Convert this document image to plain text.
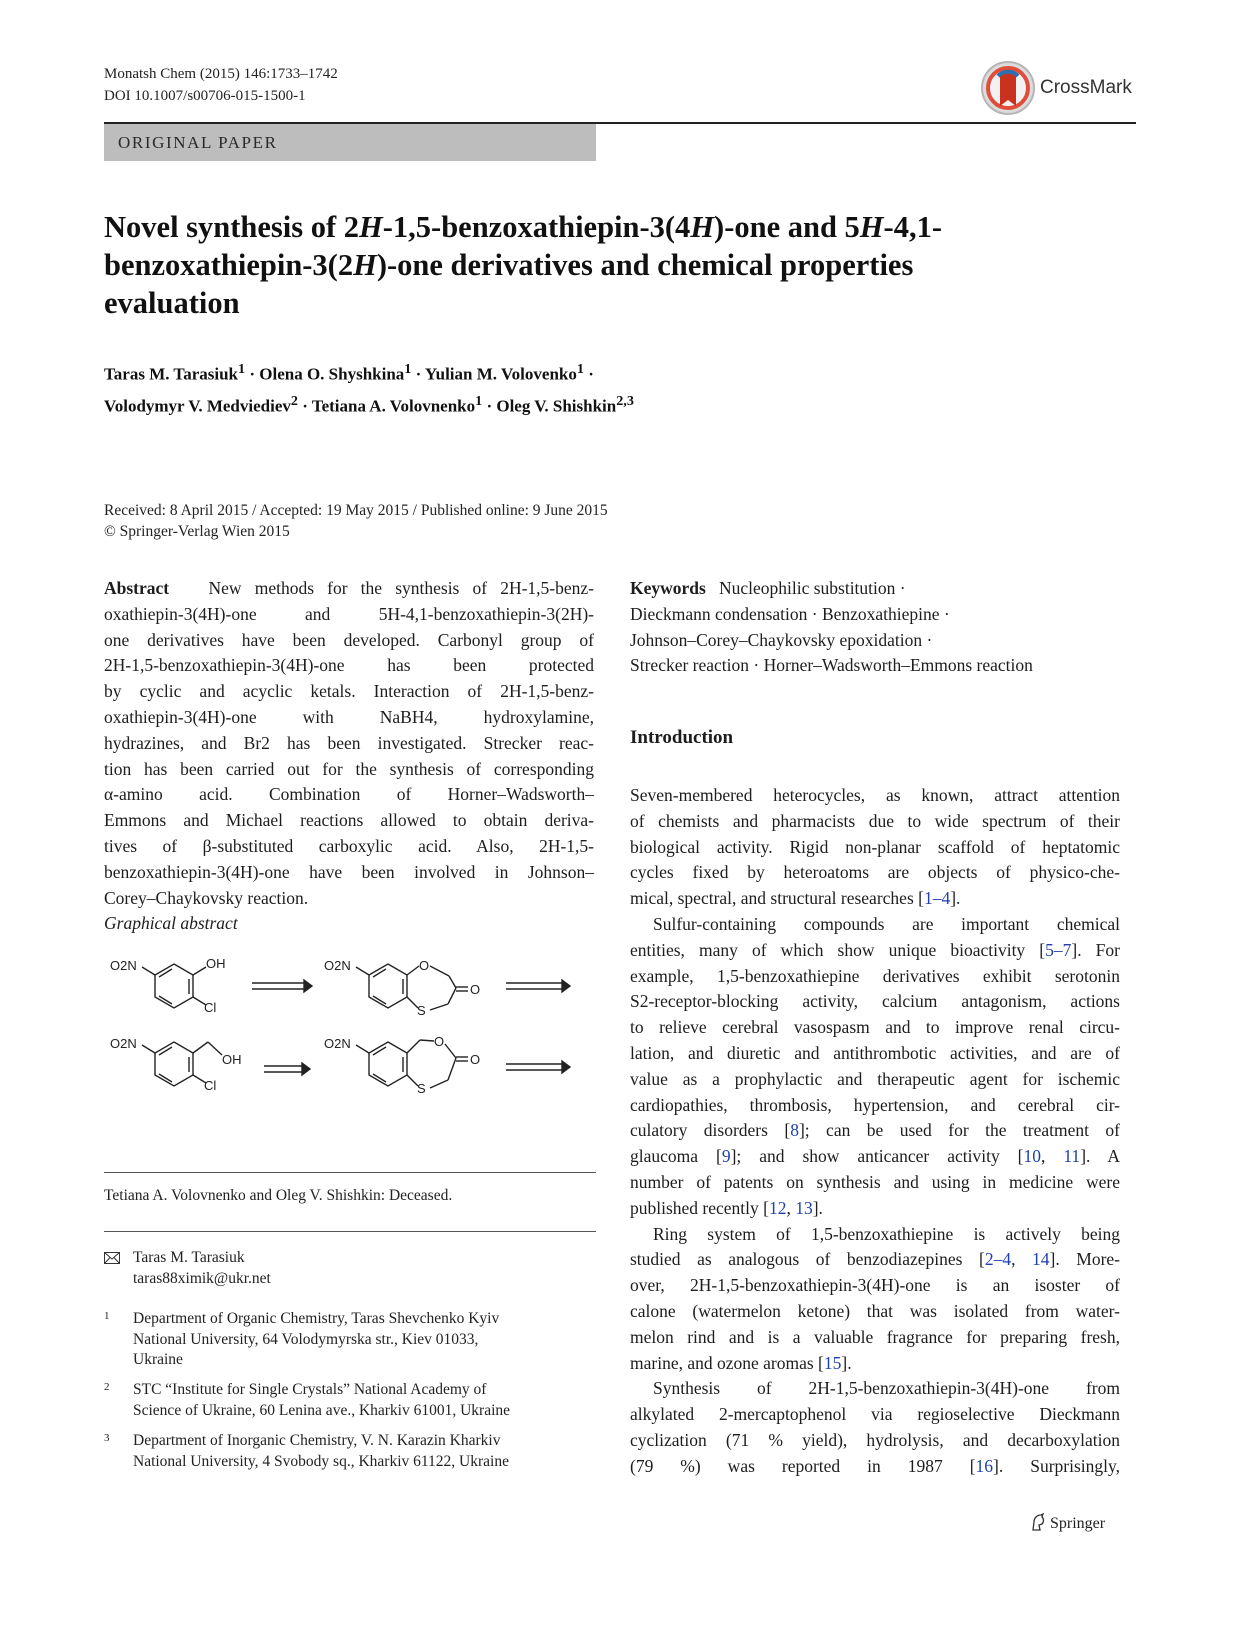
Monatsh Chem (2015) 146:1733–1742
DOI 10.1007/s00706-015-1500-1	CrossMark
ORIGINAL PAPER
Novel synthesis of 2H-1,5-benzoxathiepin-3(4H)-one and 5H-4,1-
benzoxathiepin-3(2H)-one derivatives and chemical properties
evaluation
Taras M. Tarasiuk$^1$ · Olena O. Shyshkina$^1$ · Yulian M. Volovenko$^1$ ·
Volodymyr V. Medviediev$^2$ · Tetiana A. Volovnenko$^1$ · Oleg V. Shishkin$^{2,3}$
Received: 8 April 2015 / Accepted: 19 May 2015 / Published online: 9 June 2015
© Springer-Verlag Wien 2015
Abstract New methods for the synthesis of 2H-1,5-benz-
oxathiepin-3(4H)-one and 5H-4,1-benzoxathiepin-3(2H)-
one derivatives have been developed. Carbonyl group of
2H-1,5-benzoxathiepin-3(4H)-one has been protected
by cyclic and acyclic ketals. Interaction of 2H-1,5-benz-
oxathiepin-3(4H)-one with NaBH4, hydroxylamine,
hydrazines, and Br2 has been investigated. Strecker reac-
tion has been carried out for the synthesis of corresponding
α-amino acid. Combination of Horner–Wadsworth–
Emmons and Michael reactions allowed to obtain deriva-
tives of β-substituted carboxylic acid. Also, 2H-1,5-
benzoxathiepin-3(4H)-one have been involved in Johnson–
Corey–Chaykovsky reaction.
Graphical abstract
O2N	OH
Cl
O2N	O
O
S
O2N
OH
Cl
O2N	O
O
S
Tetiana A. Volovnenko and Oleg V. Shishkin: Deceased.
Taras M. Tarasiuk
taras88ximik@ukr.net
1 Department of Organic Chemistry, Taras Shevchenko Kyiv
National University, 64 Volodymyrska str., Kiev 01033,
Ukraine
2 STC “Institute for Single Crystals” National Academy of
Science of Ukraine, 60 Lenina ave., Kharkiv 61001, Ukraine
3 Department of Inorganic Chemistry, V. N. Karazin Kharkiv
National University, 4 Svobody sq., Kharkiv 61122, Ukraine
Keywords Nucleophilic substitution ·
Dieckmann condensation · Benzoxathiepine ·
Johnson–Corey–Chaykovsky epoxidation ·
Strecker reaction · Horner–Wadsworth–Emmons reaction
Introduction
Seven-membered heterocycles, as known, attract attention
of chemists and pharmacists due to wide spectrum of their
biological activity. Rigid non-planar scaffold of heptatomic
cycles fixed by heteroatoms are objects of physico-che-
mical, spectral, and structural researches [1–4].
Sulfur-containing compounds are important chemical
entities, many of which show unique bioactivity [5–7]. For
example, 1,5-benzoxathiepine derivatives exhibit serotonin
S2-receptor-blocking activity, calcium antagonism, actions
to relieve cerebral vasospasm and to improve renal circu-
lation, and diuretic and antithrombotic activities, and are of
value as a prophylactic and therapeutic agent for ischemic
cardiopathies, thrombosis, hypertension, and cerebral cir-
culatory disorders [8]; can be used for the treatment of
glaucoma [9]; and show anticancer activity [10, 11]. A
number of patents on synthesis and using in medicine were
published recently [12, 13].
Ring system of 1,5-benzoxathiepine is actively being
studied as analogous of benzodiazepines [2–4, 14]. More-
over, 2H-1,5-benzoxathiepin-3(4H)-one is an isoster of
calone (watermelon ketone) that was isolated from water-
melon rind and is a valuable fragrance for preparing fresh,
marine, and ozone aromas [15].
Synthesis of 2H-1,5-benzoxathiepin-3(4H)-one from
alkylated 2-mercaptophenol via regioselective Dieckmann
cyclization (71 % yield), hydrolysis, and decarboxylation
(79 %) was reported in 1987 [16]. Surprisingly,
Springer
